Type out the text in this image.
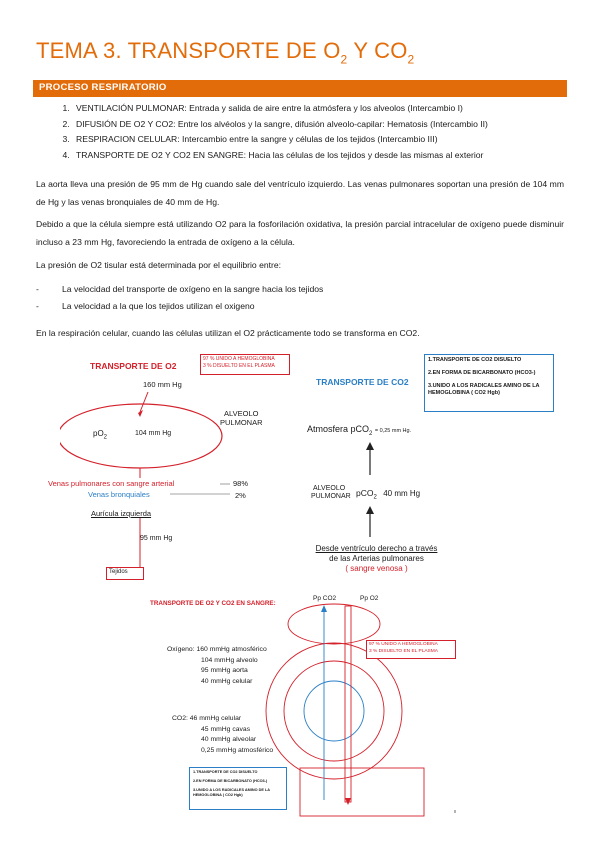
TEMA 3. TRANSPORTE DE $O_2$ Y $CO_2$
PROCESO RESPIRATORIO
1. VENTILACIÓN PULMONAR: Entrada y salida de aire entre la atmósfera y los alveolos (Intercambio I)
2. DIFUSIÓN DE O2 Y CO2: Entre los alvéolos y la sangre, difusión alveolo-capilar: Hematosis (Intercambio II)
3. RESPIRACION CELULAR: Intercambio entre la sangre y células de los tejidos (Intercambio III)
4. TRANSPORTE DE O2 Y CO2 EN SANGRE: Hacia las células de los tejidos y desde las mismas al exterior

La aorta lleva una presión de 95 mm de Hg cuando sale del ventrículo izquierdo. Las venas pulmonares soportan una presión de 104 mm de Hg y las venas bronquiales de 40 mm de Hg.

Debido a que la célula siempre está utilizando O2 para la fosforilación oxidativa, la presión parcial intracelular de oxígeno puede disminuir incluso a 23 mm Hg, favoreciendo la entrada de oxígeno a la célula.

La presión de O2 tisular está determinada por el equilibrio entre:

- La velocidad del transporte de oxígeno en la sangre hacia los tejidos
- La velocidad a la que los tejidos utilizan el oxigeno

En la respiración celular, cuando las células utilizan el O2 prácticamente todo se transforma en CO2.

TRANSPORTE DE O2
97 % UNIDO A HEMOGLOBINA
3 % DISUELTO EN EL PLASMA
160 mm Hg
ALVEOLO
PULMONAR
$pO_2$
104 mm Hg
Venas pulmonares con sangre arterial	98%
Venas bronquiales	2%
Aurícula izquierda
95 mm Hg
Tejidos
TRANSPORTE DE CO2
1.TRANSPORTE DE CO2 DISUELTO
2.EN FORMA DE BICARBONATO (HCO3-)
3.UNIDO A LOS RADICALES AMINO DE LA HEMOGLOBINA ( CO2 Hgb)
Atmosfera pCO$_2$ = 0,25 mm Hg.
ALVEOLO
PULMONAR pCO$_2$ 40 mm Hg
Desde ventrículo derecho a través
de las Arterias pulmonares
( sangre venosa )
TRANSPORTE DE O2 Y CO2 EN SANGRE:
Pp CO2	Pp O2
Oxígeno: 160 mmHg atmosférico
104 mmHg alveolo
95 mmHg aorta
40 mmHg celular
CO2: 46 mmHg celular
45 mmHg cavas
40 mmHg alveolar
0,25 mmHg atmosférico
97 % UNIDO A HEMOGLOBINA
3 % DISUELTO EN EL PLASMA
1.TRANSPORTE DE CO2 DISUELTO
2.EN FORMA DE BICARBONATO (HCO3-)
3.UNIDO A LOS RADICALES AMINO DE LA HEMOGLOBINA ( CO2 Hgb)
